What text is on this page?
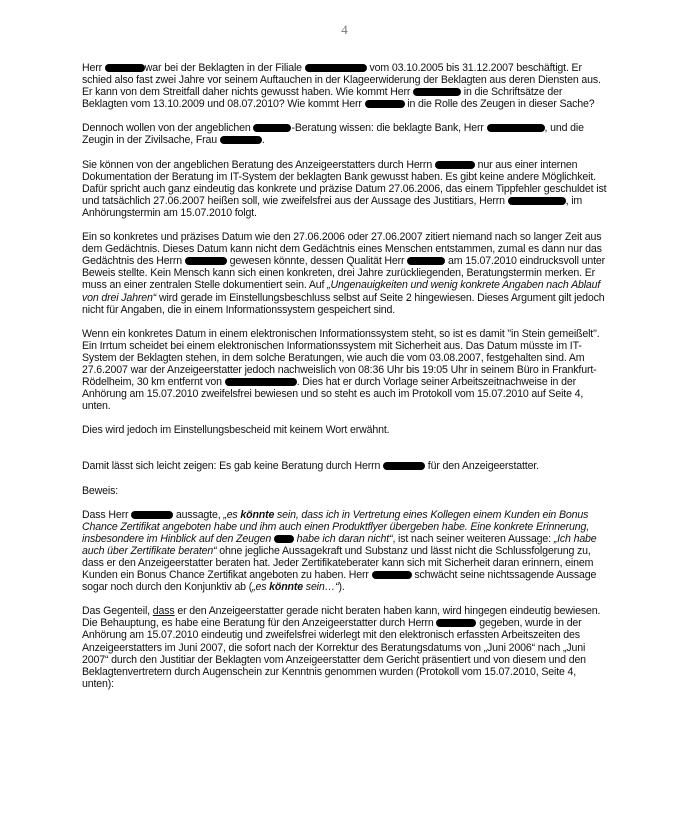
4

Herr	war bei der Beklagten in der Filiale	vom 03.10.2005 bis 31.12.2007 beschäftigt. Er schied also fast zwei Jahre vor seinem Auftauchen in der Klageerwiderung der Beklagten aus deren Diensten aus. Er kann von dem Streitfall daher nichts gewusst haben. Wie kommt Herr	in die Schriftsätze der Beklagten vom 13.10.2009 und 08.07.2010? Wie kommt Herr	in die Rolle des Zeugen in dieser Sache?

Dennoch wollen von der angeblichen	-Beratung wissen: die beklagte Bank, Herr	, und die Zeugin in der Zivilsache, Frau	.

Sie können von der angeblichen Beratung des Anzeigeerstatters durch Herrn	nur aus einer internen Dokumentation der Beratung im IT-System der beklagten Bank gewusst haben. Es gibt keine andere Möglichkeit. Dafür spricht auch ganz eindeutig das konkrete und präzise Datum 27.06.2006, das einem Tippfehler geschuldet ist und tatsächlich 27.06.2007 heißen soll, wie zweifelsfrei aus der Aussage des Justitiars, Herrn	, im Anhörungstermin am 15.07.2010 folgt.

Ein so konkretes und präzises Datum wie den 27.06.2006 oder 27.06.2007 zitiert niemand nach so langer Zeit aus dem Gedächtnis. Dieses Datum kann nicht dem Gedächtnis eines Menschen entstammen, zumal es dann nur das Gedächtnis des Herrn	gewesen könnte, dessen Qualität Herr	am 15.07.2010 eindrucksvoll unter Beweis stellte. Kein Mensch kann sich einen konkreten, drei Jahre zurückliegenden, Beratungstermin merken. Er muss an einer zentralen Stelle dokumentiert sein. Auf „Ungenauigkeiten und wenig konkrete Angaben nach Ablauf von drei Jahren“ wird gerade im Einstellungsbeschluss selbst auf Seite 2 hingewiesen. Dieses Argument gilt jedoch nicht für Angaben, die in einem Informationssystem gespeichert sind.

Wenn ein konkretes Datum in einem elektronischen Informationssystem steht, so ist es damit "in Stein gemeißelt". Ein Irrtum scheidet bei einem elektronischen Informationssystem mit Sicherheit aus. Das Datum müsste im IT-System der Beklagten stehen, in dem solche Beratungen, wie auch die vom 03.08.2007, festgehalten sind. Am 27.6.2007 war der Anzeigeerstatter jedoch nachweislich von 08:36 Uhr bis 19:05 Uhr in seinem Büro in Frankfurt-Rödelheim, 30 km entfernt von	. Dies hat er durch Vorlage seiner Arbeitszeitnachweise in der Anhörung am 15.07.2010 zweifelsfrei bewiesen und so steht es auch im Protokoll vom 15.07.2010 auf Seite 4, unten.

Dies wird jedoch im Einstellungsbescheid mit keinem Wort erwähnt.

Damit lässt sich leicht zeigen: Es gab keine Beratung durch Herrn	für den Anzeigeerstatter.

Beweis:

Dass Herr	aussagte, „es könnte sein, dass ich in Vertretung eines Kollegen einem Kunden ein Bonus Chance Zertifikat angeboten habe und ihm auch einen Produktflyer übergeben habe. Eine konkrete Erinnerung, insbesondere im Hinblick auf den Zeugen  habe ich daran nicht“, ist nach seiner weiteren Aussage: „Ich habe auch über Zertifikate beraten“ ohne jegliche Aussagekraft und Substanz und lässt nicht die Schlussfolgerung zu, dass er den Anzeigeerstatter beraten hat. Jeder Zertifikateberater kann sich mit Sicherheit daran erinnern, einem Kunden ein Bonus Chance Zertifikat angeboten zu haben. Herr	schwächt seine nichtssagende Aussage sogar noch durch den Konjunktiv ab („es könnte sein…“).

Das Gegenteil, dass er den Anzeigeerstatter gerade nicht beraten haben kann, wird hingegen eindeutig bewiesen. Die Behauptung, es habe eine Beratung für den Anzeigeerstatter durch Herrn	gegeben, wurde in der Anhörung am 15.07.2010 eindeutig und zweifelsfrei widerlegt mit den elektronisch erfassten Arbeitszeiten des Anzeigeerstatters im Juni 2007, die sofort nach der Korrektur des Beratungsdatums von „Juni 2006“ nach „Juni 2007“ durch den Justitiar der Beklagten vom Anzeigeerstatter dem Gericht präsentiert und von diesem und den Beklagtenvertretern durch Augenschein zur Kenntnis genommen wurden (Protokoll vom 15.07.2010, Seite 4, unten):
